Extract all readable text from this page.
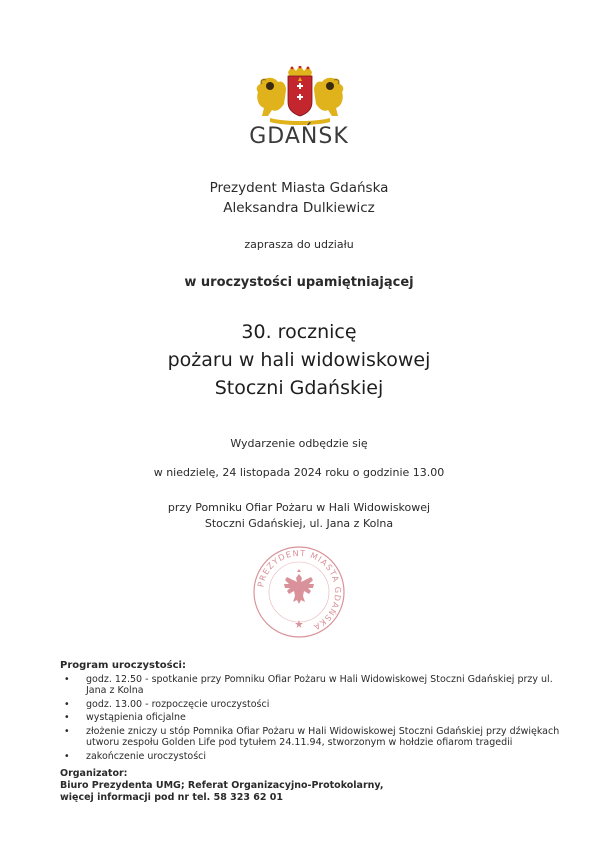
GDAŃSK
Prezydent Miasta Gdańska
Aleksandra Dulkiewicz
zaprasza do udziału
w uroczystości upamiętniającej
30. rocznicę
pożaru w hali widowiskowej
Stoczni Gdańskiej
Wydarzenie odbędzie się
w niedzielę, 24 listopada 2024 roku o godzinie 13.00
przy Pomniku Ofiar Pożaru w Hali Widowiskowej
Stoczni Gdańskiej, ul. Jana z Kolna
PREZYDENT MIASTA GDAŃSKA
Program uroczystości:
• godz. 12.50 - spotkanie przy Pomniku Ofiar Pożaru w Hali Widowiskowej Stoczni Gdańskiej przy ul. Jana z Kolna
• godz. 13.00 - rozpoczęcie uroczystości
• wystąpienia oficjalne
• złożenie zniczy u stóp Pomnika Ofiar Pożaru w Hali Widowiskowej Stoczni Gdańskiej przy dźwiękach utworu zespołu Golden Life pod tytułem 24.11.94, stworzonym w hołdzie ofiarom tragedii
• zakończenie uroczystości
Organizator:
Biuro Prezydenta UMG; Referat Organizacyjno-Protokolarny,
więcej informacji pod nr tel. 58 323 62 01
